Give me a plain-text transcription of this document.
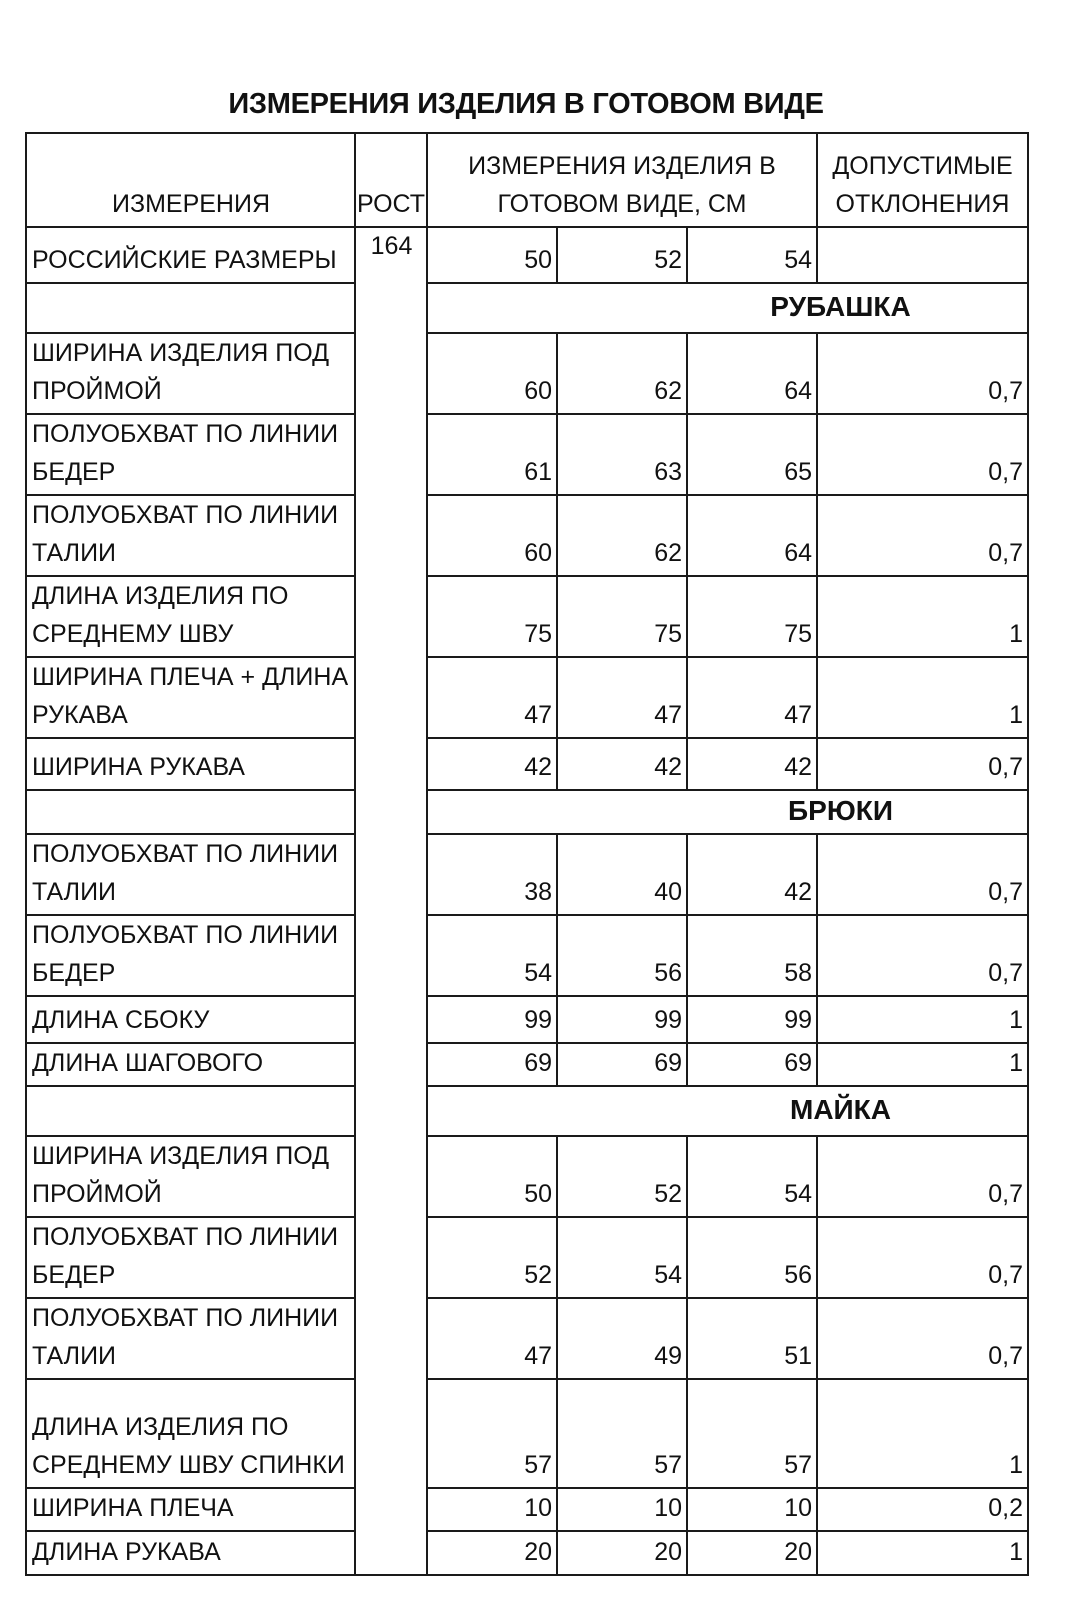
ИЗМЕРЕНИЯ ИЗДЕЛИЯ В ГОТОВОМ ВИДЕ
ИЗМЕРЕНИЯ	РОСТ	ИЗМЕРЕНИЯ ИЗДЕЛИЯ В ГОТОВОМ ВИДЕ, СМ			ДОПУСТИМЫЕ ОТКЛОНЕНИЯ
РОССИЙСКИЕ РАЗМЕРЫ	164	50	52	54	
		РУБАШКА			
ШИРИНА ИЗДЕЛИЯ ПОД ПРОЙМОЙ		60	62	64	0,7
ПОЛУОБХВАТ ПО ЛИНИИ БЕДЕР		61	63	65	0,7
ПОЛУОБХВАТ ПО ЛИНИИ ТАЛИИ		60	62	64	0,7
ДЛИНА ИЗДЕЛИЯ ПО СРЕДНЕМУ ШВУ		75	75	75	1
ШИРИНА ПЛЕЧА + ДЛИНА РУКАВА		47	47	47	1
ШИРИНА РУКАВА		42	42	42	0,7
		БРЮКИ			
ПОЛУОБХВАТ ПО ЛИНИИ ТАЛИИ		38	40	42	0,7
ПОЛУОБХВАТ ПО ЛИНИИ БЕДЕР		54	56	58	0,7
ДЛИНА СБОКУ		99	99	99	1
ДЛИНА ШАГОВОГО		69	69	69	1
		МАЙКА			
ШИРИНА ИЗДЕЛИЯ ПОД ПРОЙМОЙ		50	52	54	0,7
ПОЛУОБХВАТ ПО ЛИНИИ БЕДЕР		52	54	56	0,7
ПОЛУОБХВАТ ПО ЛИНИИ ТАЛИИ		47	49	51	0,7
ДЛИНА ИЗДЕЛИЯ ПО СРЕДНЕМУ ШВУ СПИНКИ		57	57	57	1
ШИРИНА ПЛЕЧА		10	10	10	0,2
ДЛИНА РУКАВА		20	20	20	1
